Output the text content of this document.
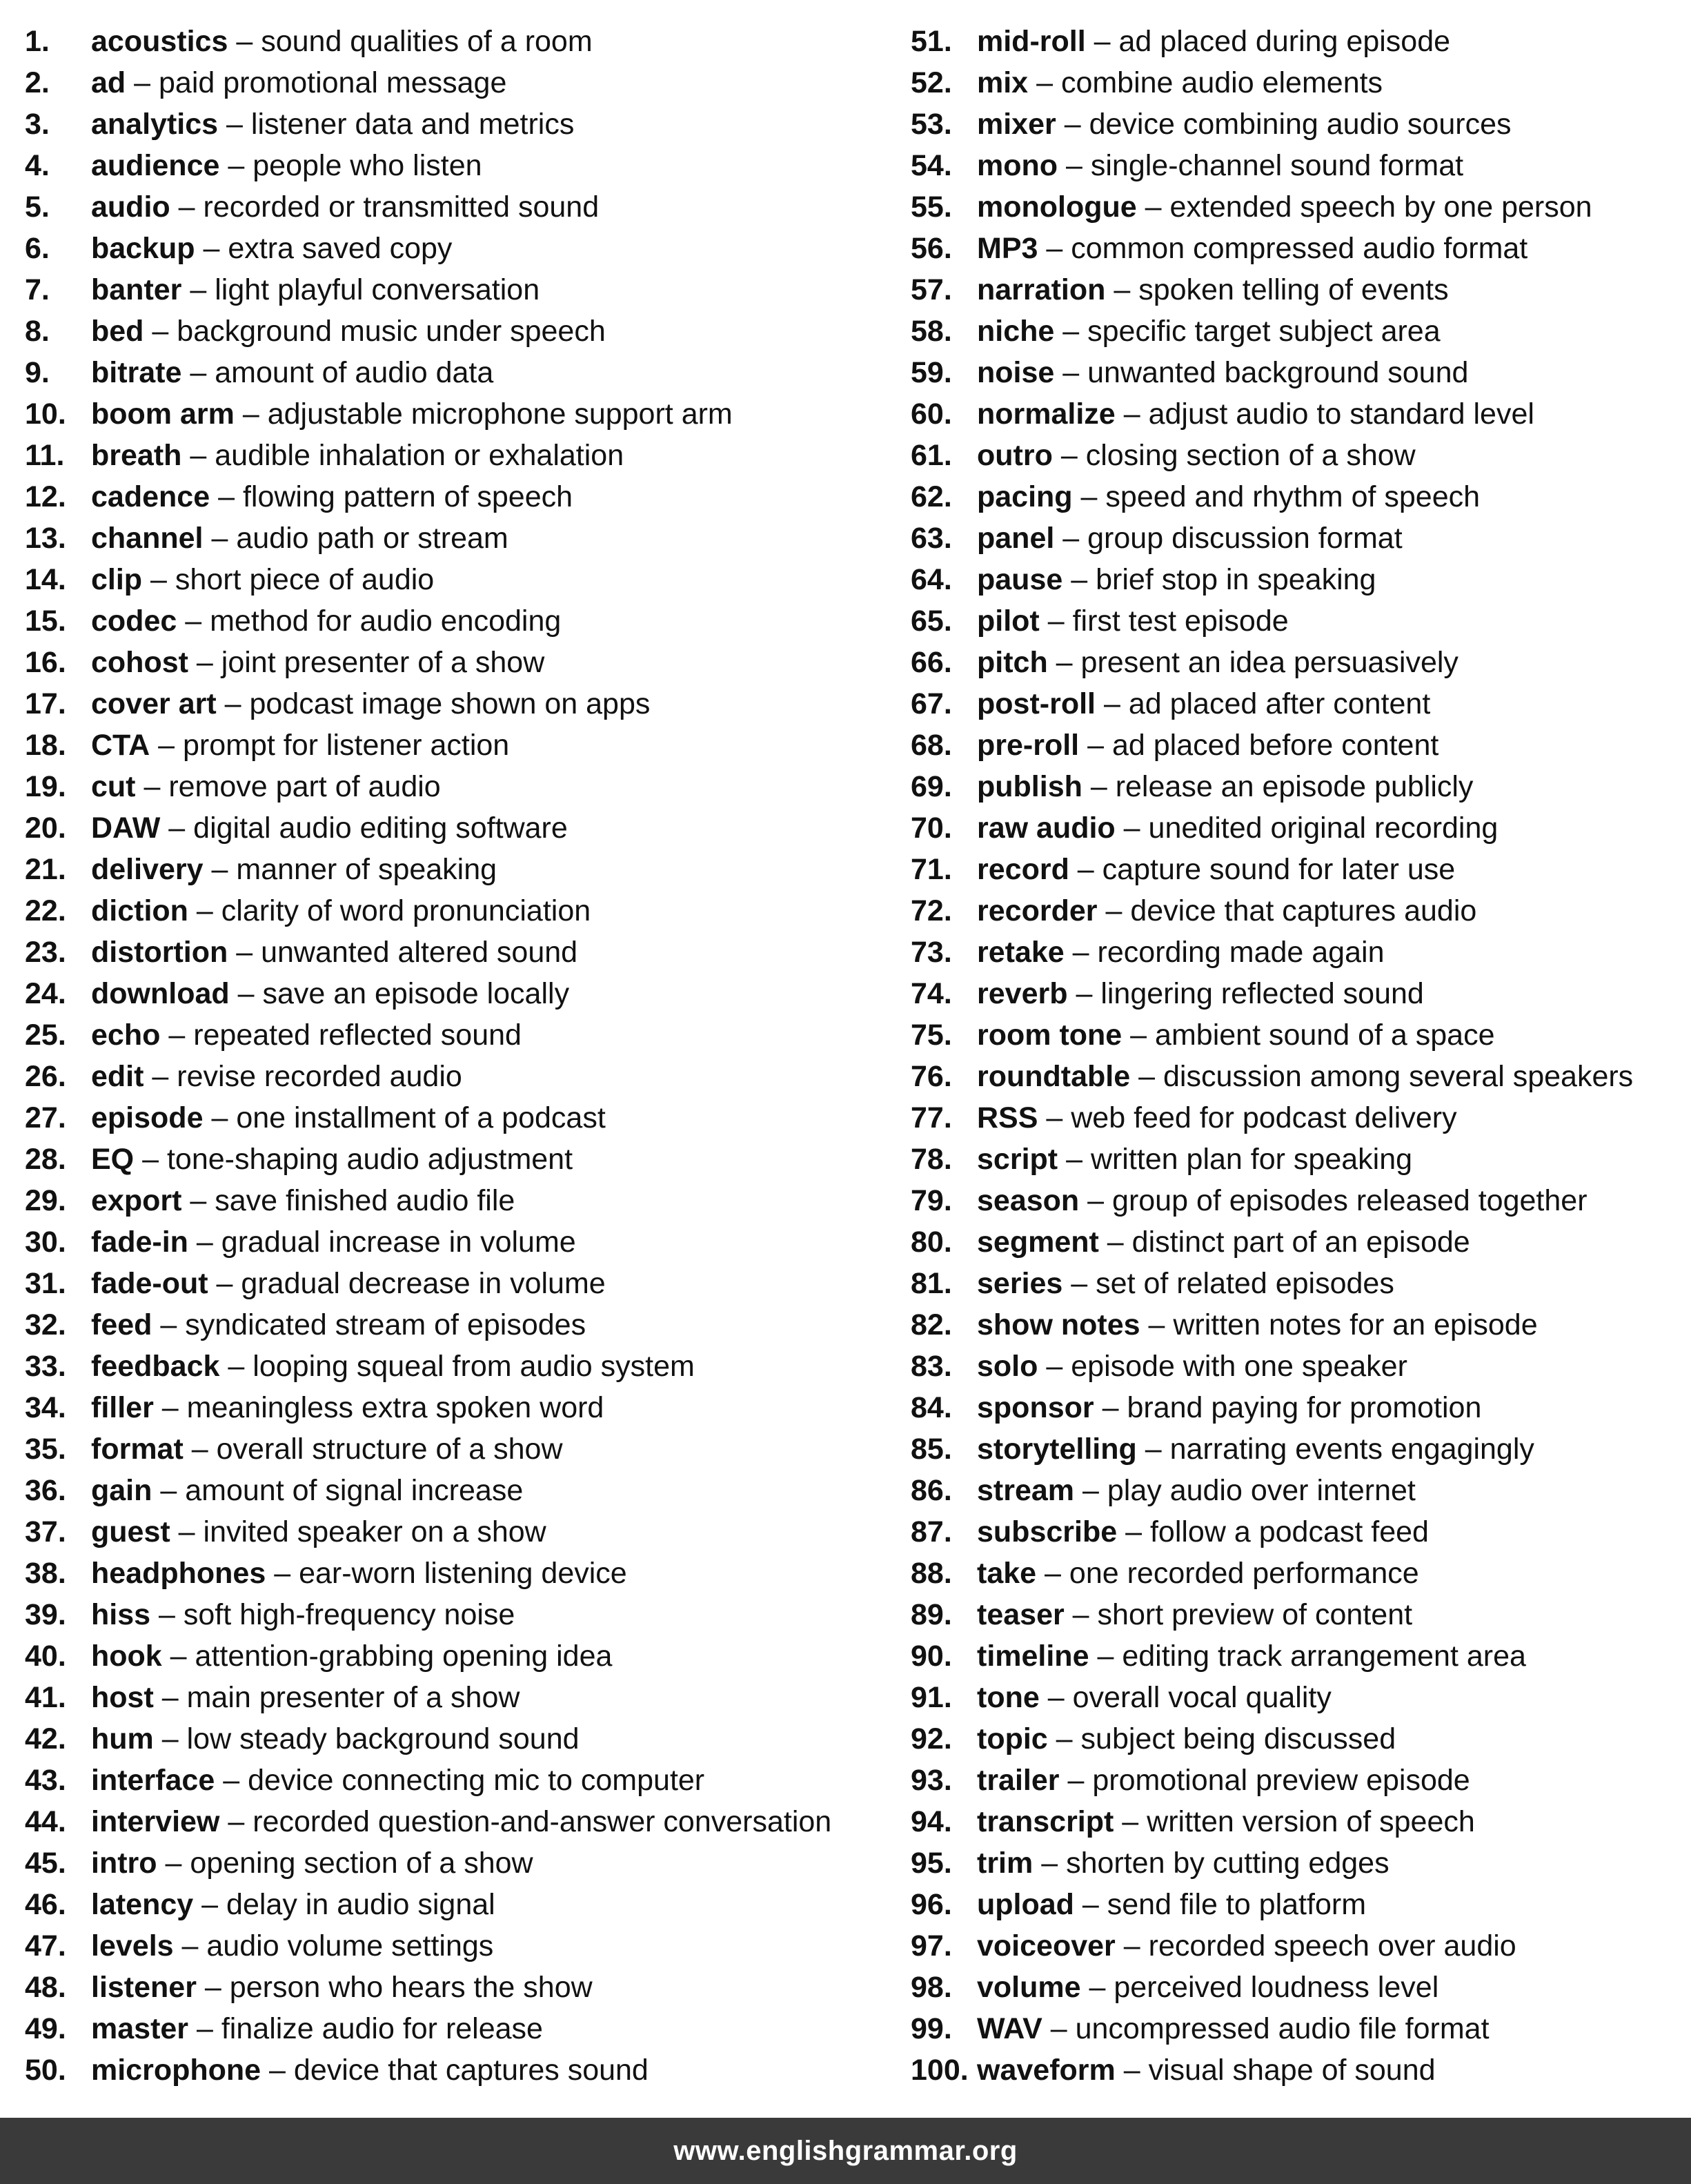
1. acoustics – sound qualities of a room
2. ad – paid promotional message
3. analytics – listener data and metrics
4. audience – people who listen
5. audio – recorded or transmitted sound
6. backup – extra saved copy
7. banter – light playful conversation
8. bed – background music under speech
9. bitrate – amount of audio data
10. boom arm – adjustable microphone support arm
11. breath – audible inhalation or exhalation
12. cadence – flowing pattern of speech
13. channel – audio path or stream
14. clip – short piece of audio
15. codec – method for audio encoding
16. cohost – joint presenter of a show
17. cover art – podcast image shown on apps
18. CTA – prompt for listener action
19. cut – remove part of audio
20. DAW – digital audio editing software
21. delivery – manner of speaking
22. diction – clarity of word pronunciation
23. distortion – unwanted altered sound
24. download – save an episode locally
25. echo – repeated reflected sound
26. edit – revise recorded audio
27. episode – one installment of a podcast
28. EQ – tone-shaping audio adjustment
29. export – save finished audio file
30. fade-in – gradual increase in volume
31. fade-out – gradual decrease in volume
32. feed – syndicated stream of episodes
33. feedback – looping squeal from audio system
34. filler – meaningless extra spoken word
35. format – overall structure of a show
36. gain – amount of signal increase
37. guest – invited speaker on a show
38. headphones – ear-worn listening device
39. hiss – soft high-frequency noise
40. hook – attention-grabbing opening idea
41. host – main presenter of a show
42. hum – low steady background sound
43. interface – device connecting mic to computer
44. interview – recorded question-and-answer conversation
45. intro – opening section of a show
46. latency – delay in audio signal
47. levels – audio volume settings
48. listener – person who hears the show
49. master – finalize audio for release
50. microphone – device that captures sound
51. mid-roll – ad placed during episode
52. mix – combine audio elements
53. mixer – device combining audio sources
54. mono – single-channel sound format
55. monologue – extended speech by one person
56. MP3 – common compressed audio format
57. narration – spoken telling of events
58. niche – specific target subject area
59. noise – unwanted background sound
60. normalize – adjust audio to standard level
61. outro – closing section of a show
62. pacing – speed and rhythm of speech
63. panel – group discussion format
64. pause – brief stop in speaking
65. pilot – first test episode
66. pitch – present an idea persuasively
67. post-roll – ad placed after content
68. pre-roll – ad placed before content
69. publish – release an episode publicly
70. raw audio – unedited original recording
71. record – capture sound for later use
72. recorder – device that captures audio
73. retake – recording made again
74. reverb – lingering reflected sound
75. room tone – ambient sound of a space
76. roundtable – discussion among several speakers
77. RSS – web feed for podcast delivery
78. script – written plan for speaking
79. season – group of episodes released together
80. segment – distinct part of an episode
81. series – set of related episodes
82. show notes – written notes for an episode
83. solo – episode with one speaker
84. sponsor – brand paying for promotion
85. storytelling – narrating events engagingly
86. stream – play audio over internet
87. subscribe – follow a podcast feed
88. take – one recorded performance
89. teaser – short preview of content
90. timeline – editing track arrangement area
91. tone – overall vocal quality
92. topic – subject being discussed
93. trailer – promotional preview episode
94. transcript – written version of speech
95. trim – shorten by cutting edges
96. upload – send file to platform
97. voiceover – recorded speech over audio
98. volume – perceived loudness level
99. WAV – uncompressed audio file format
100. waveform – visual shape of sound
www.englishgrammar.org
